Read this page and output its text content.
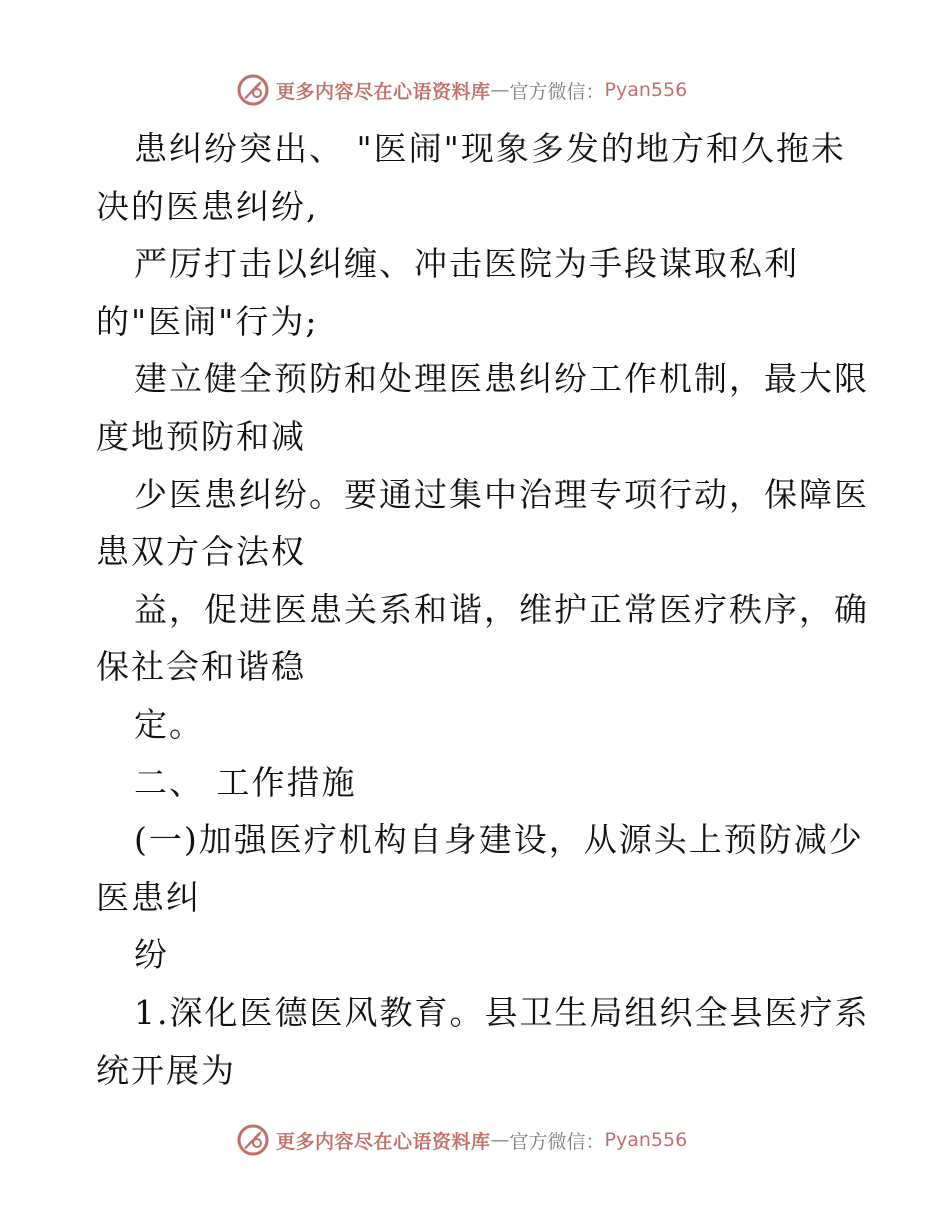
更多内容尽在心语资料库 — 官方微信： Pyan556
患纠纷突出、 "医闹"现象多发的地方和久拖未
决的医患纠纷,
严厉打击以纠缠、冲击医院为手段谋取私利
的"医闹"行为;
建立健全预防和处理医患纠纷工作机制，最大限
度地预防和减
少医患纠纷。要通过集中治理专项行动，保障医
患双方合法权
益，促进医患关系和谐，维护正常医疗秩序，确
保社会和谐稳
定。
二、 工作措施
(一)加强医疗机构自身建设，从源头上预防减少
医患纠
纷
1.深化医德医风教育。县卫生局组织全县医疗系
统开展为
更多内容尽在心语资料库 — 官方微信： Pyan556
